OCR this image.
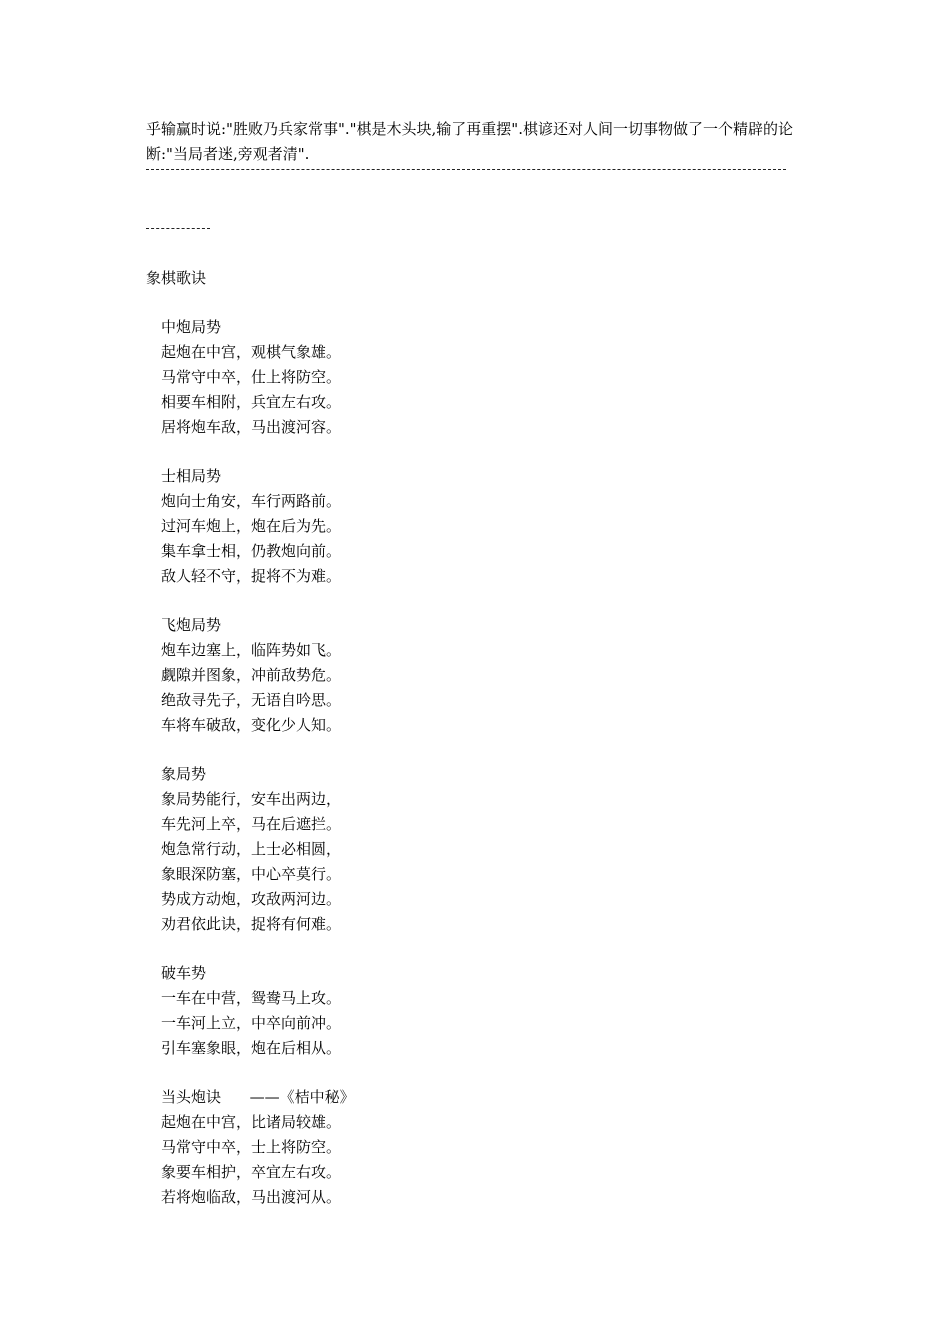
乎输赢时说:"胜败乃兵家常事"."棋是木头块,输了再重摆".棋谚还对人间一切事物做了一个精辟的论断:"当局者迷,旁观者清".

象棋歌诀
中炮局势
起炮在中宫，观棋气象雄。
马常守中卒，仕上将防空。
相要车相附，兵宜左右攻。
居将炮车敌，马出渡河容。
士相局势
炮向士角安，车行两路前。
过河车炮上，炮在后为先。
集车拿士相，仍教炮向前。
敌人轻不守，捉将不为难。
飞炮局势
炮车边塞上，临阵势如飞。
觑隙并图象，冲前敌势危。
绝敌寻先子，无语自吟思。
车将车破敌，变化少人知。
象局势
象局势能行，安车出两边，
车先河上卒，马在后遮拦。
炮急常行动，上士必相圆，
象眼深防塞，中心卒莫行。
势成方动炮，攻敌两河边。
劝君依此诀，捉将有何难。
破车势
一车在中营，鸳鸯马上攻。
一车河上立，中卒向前冲。
引车塞象眼，炮在后相从。
当头炮诀      ——《桔中秘》
起炮在中宫，比诸局较雄。
马常守中卒，士上将防空。
象要车相护，卒宜左右攻。
若将炮临敌，马出渡河从。
